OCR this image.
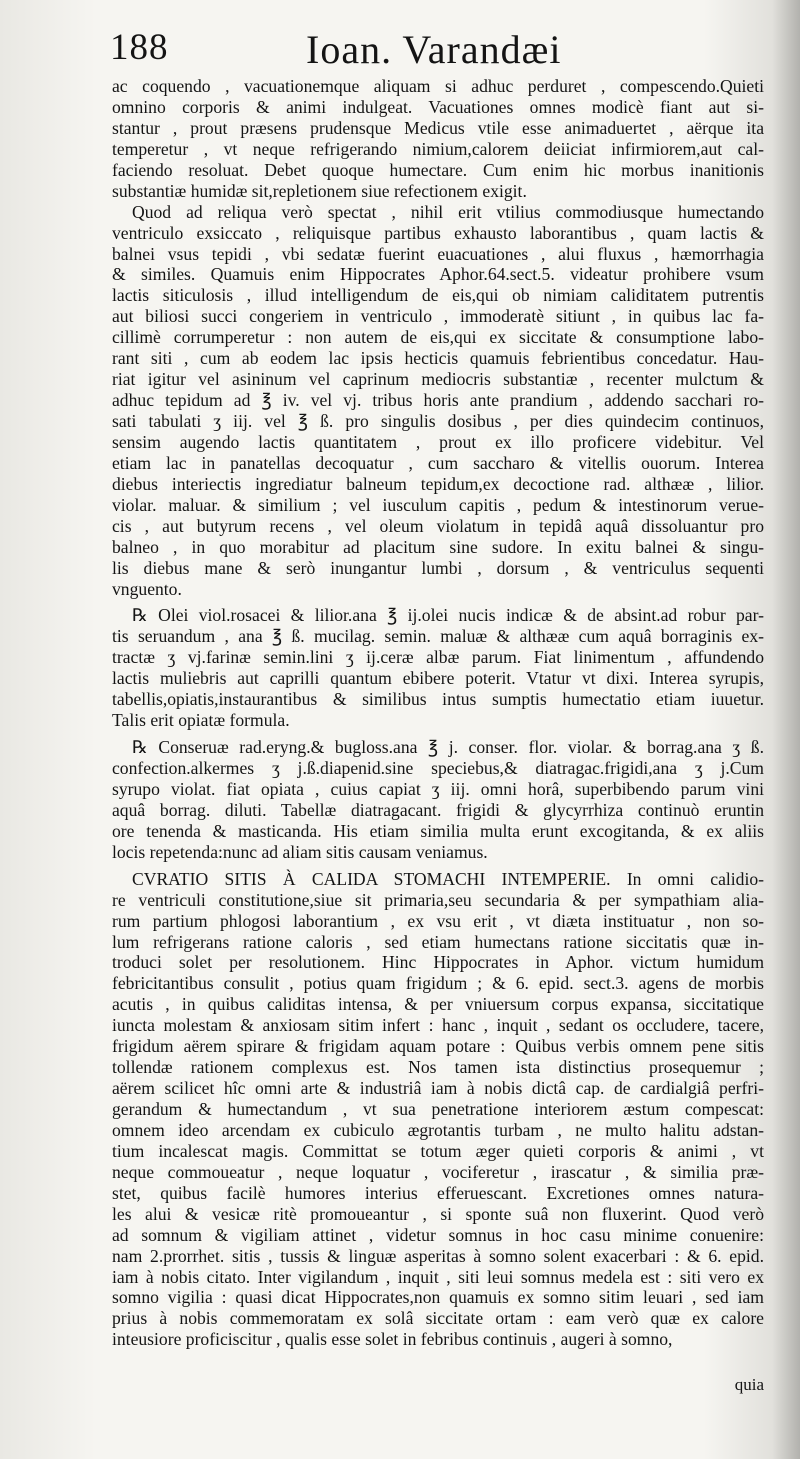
188	Ioan. Varandæi
ac coquendo , vacuationemque aliquam si adhuc perduret , compescendo.Quieti
omnino corporis & animi indulgeat. Vacuationes omnes modicè fiant aut si-
stantur , prout præsens prudensque Medicus vtile esse animaduertet , aërque ita
temperetur , vt neque refrigerando nimium,calorem deiiciat infirmiorem,aut cal-
faciendo resoluat. Debet quoque humectare. Cum enim hic morbus inanitionis
substantiæ humidæ sit,repletionem siue refectionem exigit.
Quod ad reliqua verò spectat , nihil erit vtilius commodiusque humectando
ventriculo exsiccato , reliquisque partibus exhausto laborantibus , quam lactis &
balnei vsus tepidi , vbi sedatæ fuerint euacuationes , alui fluxus , hæmorrhagia
& similes. Quamuis enim Hippocrates Aphor.64.sect.5. videatur prohibere vsum
lactis siticulosis , illud intelligendum de eis,qui ob nimiam caliditatem putrentis
aut biliosi succi congeriem in ventriculo , immoderatè sitiunt , in quibus lac fa-
cillimè corrumperetur : non autem de eis,qui ex siccitate & consumptione labo-
rant siti , cum ab eodem lac ipsis hecticis quamuis febrientibus concedatur. Hau-
riat igitur vel asininum vel caprinum mediocris substantiæ , recenter mulctum &
adhuc tepidum ad ℥ iv. vel vj. tribus horis ante prandium , addendo sacchari ro-
sati tabulati ʒ iij. vel ℥ ß. pro singulis dosibus , per dies quindecim continuos,
sensim augendo lactis quantitatem , prout ex illo proficere videbitur. Vel
etiam lac in panatellas decoquatur , cum saccharo & vitellis ouorum. Interea
diebus interiectis ingrediatur balneum tepidum,ex decoctione rad. althææ , lilior.
violar. maluar. & similium ; vel iusculum capitis , pedum & intestinorum verue-
cis , aut butyrum recens , vel oleum violatum in tepidâ aquâ dissoluantur pro
balneo , in quo morabitur ad placitum sine sudore. In exitu balnei & singu-
lis diebus mane & serò inungantur lumbi , dorsum , & ventriculus sequenti
vnguento.
℞ Olei viol.rosacei & lilior.ana ℥ ij.olei nucis indicæ & de absint.ad robur par-
tis seruandum , ana ℥ ß. mucilag. semin. maluæ & althææ cum aquâ borraginis ex-
tractæ ʒ vj.farinæ semin.lini ʒ ij.ceræ albæ parum. Fiat linimentum , affundendo
lactis muliebris aut caprilli quantum ebibere poterit. Vtatur vt dixi. Interea syrupis,
tabellis,opiatis,instaurantibus & similibus intus sumptis humectatio etiam iuuetur.
Talis erit opiatæ formula.
℞ Conseruæ rad.eryng.& bugloss.ana ℥ j. conser. flor. violar. & borrag.ana ʒ ß.
confection.alkermes ʒ j.ß.diapenid.sine speciebus,& diatragac.frigidi,ana ʒ j.Cum
syrupo violat. fiat opiata , cuius capiat ʒ iij. omni horâ, superbibendo parum vini
aquâ borrag. diluti. Tabellæ diatragacant. frigidi & glycyrrhiza continuò eruntin
ore tenenda & masticanda. His etiam similia multa erunt excogitanda, & ex aliis
locis repetenda:nunc ad aliam sitis causam veniamus.
CVRATIO SITIS À CALIDA STOMACHI INTEMPERIE. In omni calidio-
re ventriculi constitutione,siue sit primaria,seu secundaria & per sympathiam alia-
rum partium phlogosi laborantium , ex vsu erit , vt diæta instituatur , non so-
lum refrigerans ratione caloris , sed etiam humectans ratione siccitatis quæ in-
troduci solet per resolutionem. Hinc Hippocrates in Aphor. victum humidum
febricitantibus consulit , potius quam frigidum ; & 6. epid. sect.3. agens de morbis
acutis , in quibus caliditas intensa, & per vniuersum corpus expansa, siccitatique
iuncta molestam & anxiosam sitim infert : hanc , inquit , sedant os occludere, tacere,
frigidum aërem spirare & frigidam aquam potare : Quibus verbis omnem pene sitis
tollendæ rationem complexus est. Nos tamen ista distinctius prosequemur ;
aërem scilicet hîc omni arte & industriâ iam à nobis dictâ cap. de cardialgiâ perfri-
gerandum & humectandum , vt sua penetratione interiorem æstum compescat:
omnem ideo arcendam ex cubiculo ægrotantis turbam , ne multo halitu adstan-
tium incalescat magis. Committat se totum æger quieti corporis & animi , vt
neque commoueatur , neque loquatur , vociferetur , irascatur , & similia præ-
stet, quibus facilè humores interius efferuescant. Excretiones omnes natura-
les alui & vesicæ ritè promoueantur , si sponte suâ non fluxerint. Quod verò
ad somnum & vigiliam attinet , videtur somnus in hoc casu minime conuenire:
nam 2.prorrhet. sitis , tussis & linguæ asperitas à somno solent exacerbari : & 6. epid.
iam à nobis citato. Inter vigilandum , inquit , siti leui somnus medela est : siti vero ex
somno vigilia : quasi dicat Hippocrates,non quamuis ex somno sitim leuari , sed iam
prius à nobis commemoratam ex solâ siccitate ortam : eam verò quæ ex calore
inteusiore proficiscitur , qualis esse solet in febribus continuis , augeri à somno,
quia
